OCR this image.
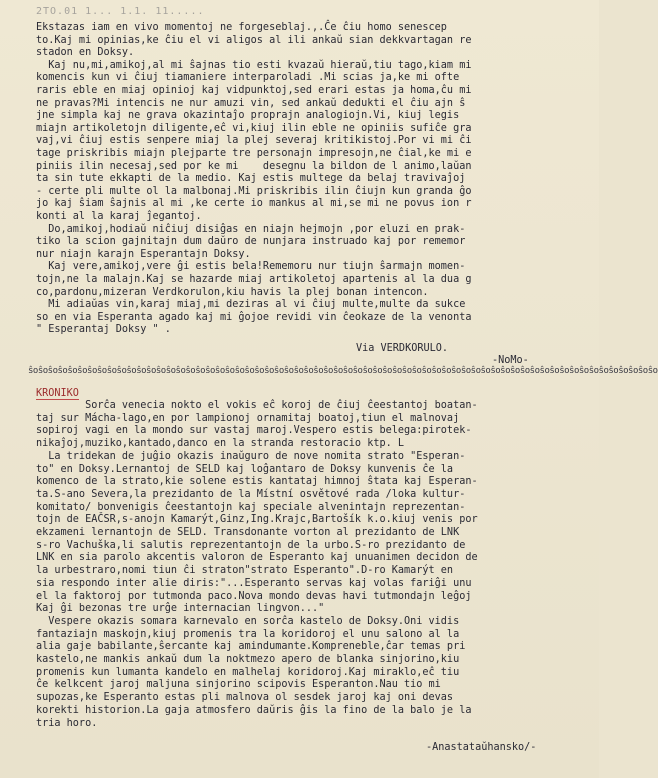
2TO.01 1... 1.1. 11.....
Ekstazas iam en vivo momentoj ne forgeseblaj.,.Ĉe ĉiu homo senescep
to.Kaj mi opinias,ke ĉiu el vi aligos al ili ankaŭ sian dekkvartagan re
stadon en Doksy.
Kaj nu,mi,amikoj,al mi ŝajnas tio esti kvazaŭ hieraŭ,tiu tago,kiam mi
komencis kun vi ĉiuj tiamaniere interparoladi .Mi scias ja,ke mi ofte
raris eble en miaj opinioj kaj vidpunktoj,sed erari estas ja homa,ĉu mi
ne pravas?Mi intencis ne nur amuzi vin, sed ankaŭ dedukti el ĉiu ajn ŝ
jne simpla kaj ne grava okazintaĵo proprajn analogiojn.Vi, kiuj legis
miajn artikoletojn diligente,eĉ vi,kiuj ilin eble ne opiniis sufiĉe gra
vaj,vi ĉiuj estis senpere miaj la plej severaj kritikistoj.Por vi mi ĉi
tage priskribis miajn plejparte tre personajn impresojn,ne ĉial,ke mi e
piniis ilin necesaj,sed por ke mi    desegnu la bildon de l animo,laŭan
ta sin tute ekkapti de la medio. Kaj estis multege da belaj travivaĵoj
- certe pli multe ol la malbonaj.Mi priskribis ilin ĉiujn kun granda ĝo
jo kaj ŝiam ŝajnis al mi ,ke certe io mankus al mi,se mi ne povus ion r
konti al la karaj ĵegantoj.
Do,amikoj,hodiaŭ niĉiuj disiĝas en niajn hejmojn ,por eluzi en prak-
tiko la scion gajnitajn dum daŭro de nunjara instruado kaj por rememor
nur niajn karajn Esperantajn Doksy.
Kaj vere,amikoj,vere ĝi estis bela!Rememoru nur tiujn ŝarmajn momen-
tojn,ne la malajn.Kaj se hazarde miaj artikoletoj apartenis al la dua g
co,pardonu,mizeran Verdkorulon,kiu havis la plej bonan intencon.
Mi adiaŭas vin,karaj miaj,mi deziras al vi ĉiuj multe,multe da sukce
so en via Esperanta agado kaj mi ĝojoe revidi vin ĉeokaze de la venonta
" Esperantaj Doksy " .
Via VERDKORULO.
-NoMo-
ŝoŝoŝoŝoŝoŝoŝoŝoŝoŝoŝoŝoŝoŝoŝoŝoŝoŝoŝoŝoŝoŝoŝoŝoŝoŝoŝoŝoŝoŝoŝoŝoŝoŝoŝoŝoŝoŝoŝoŝoŝoŝoŝoŝoŝoŝoŝoŝoŝoŝoŝoŝoŝoŝoŝoŝoŝoŝoŝoŝoŝoŝoŝoŝo
KRONIKO
Sorĉa venecia nokto el vokis eĉ koroj de ĉiuj ĉeestantoj boatan-
taj sur Mácha-lago,en por lampionoj ornamitaj boatoj,tiun el malnovaj
sopiroj vagi en la mondo sur vastaj maroj.Vespero estis belega:pirotek-
nikaĵoj,muziko,kantado,danco en la stranda restoracio ktp. L
La tridekan de juĝio okazis inaŭguro de nove nomita strato "Esperan-
to" en Doksy.Lernantoj de SELD kaj loĝantaro de Doksy kunvenis ĉe la
komenco de la strato,kie solene estis kantataj himnoj ŝtata kaj Esperan-
ta.S-ano Severa,la prezidanto de la Místní osvětové rada /loka kultur-
komitato/ bonvenigis ĉeestantojn kaj speciale alvenintajn reprezentan-
tojn de EAČSR,s-anojn Kamarýt,Ginz,Ing.Krajc,Bartošík k.o.kiuj venis por
ekzameni lernantojn de SELD. Transdonante vorton al prezidanto de LNK
s-ro Vachuška,li salutis reprezentantojn de la urbo.S-ro prezidanto de
LNK en sia parolo akcentis valoron de Esperanto kaj unuanimen decidon de
la urbestraro,nomi tiun ĉi straton"strato Esperanto".D-ro Kamarýt en
sia respondo inter alie diris:"...Esperanto servas kaj volas fariĝi unu
el la faktoroj por tutmonda paco.Nova mondo devas havi tutmondajn leĝoj
Kaj ĝi bezonas tre urĝe internacian lingvon..."
Vespere okazis somara karnevalo en sorĉa kastelo de Doksy.Oni vidis
fantaziajn maskojn,kiuj promenis tra la koridoroj el unu salono al la
alia gaje babilante,ŝercante kaj amindumante.Kompreneble,ĉar temas pri
kastelo,ne mankis ankaŭ dum la noktmezo apero de blanka sinjorino,kiu
promenis kun lumanta kandelo en malhelaj koridoroj.Kaj miraklo,eĉ tiu
ĉe kelkcent jaroj maljuna sinjorino scipovis Esperanton.Nau tio mi
supozas,ke Esperanto estas pli malnova ol sesdek jaroj kaj oni devas
korekti historion.La gaja atmosfero daŭris ĝis la fino de la balo je la
tria horo.
-Anastataŭhansko/-
